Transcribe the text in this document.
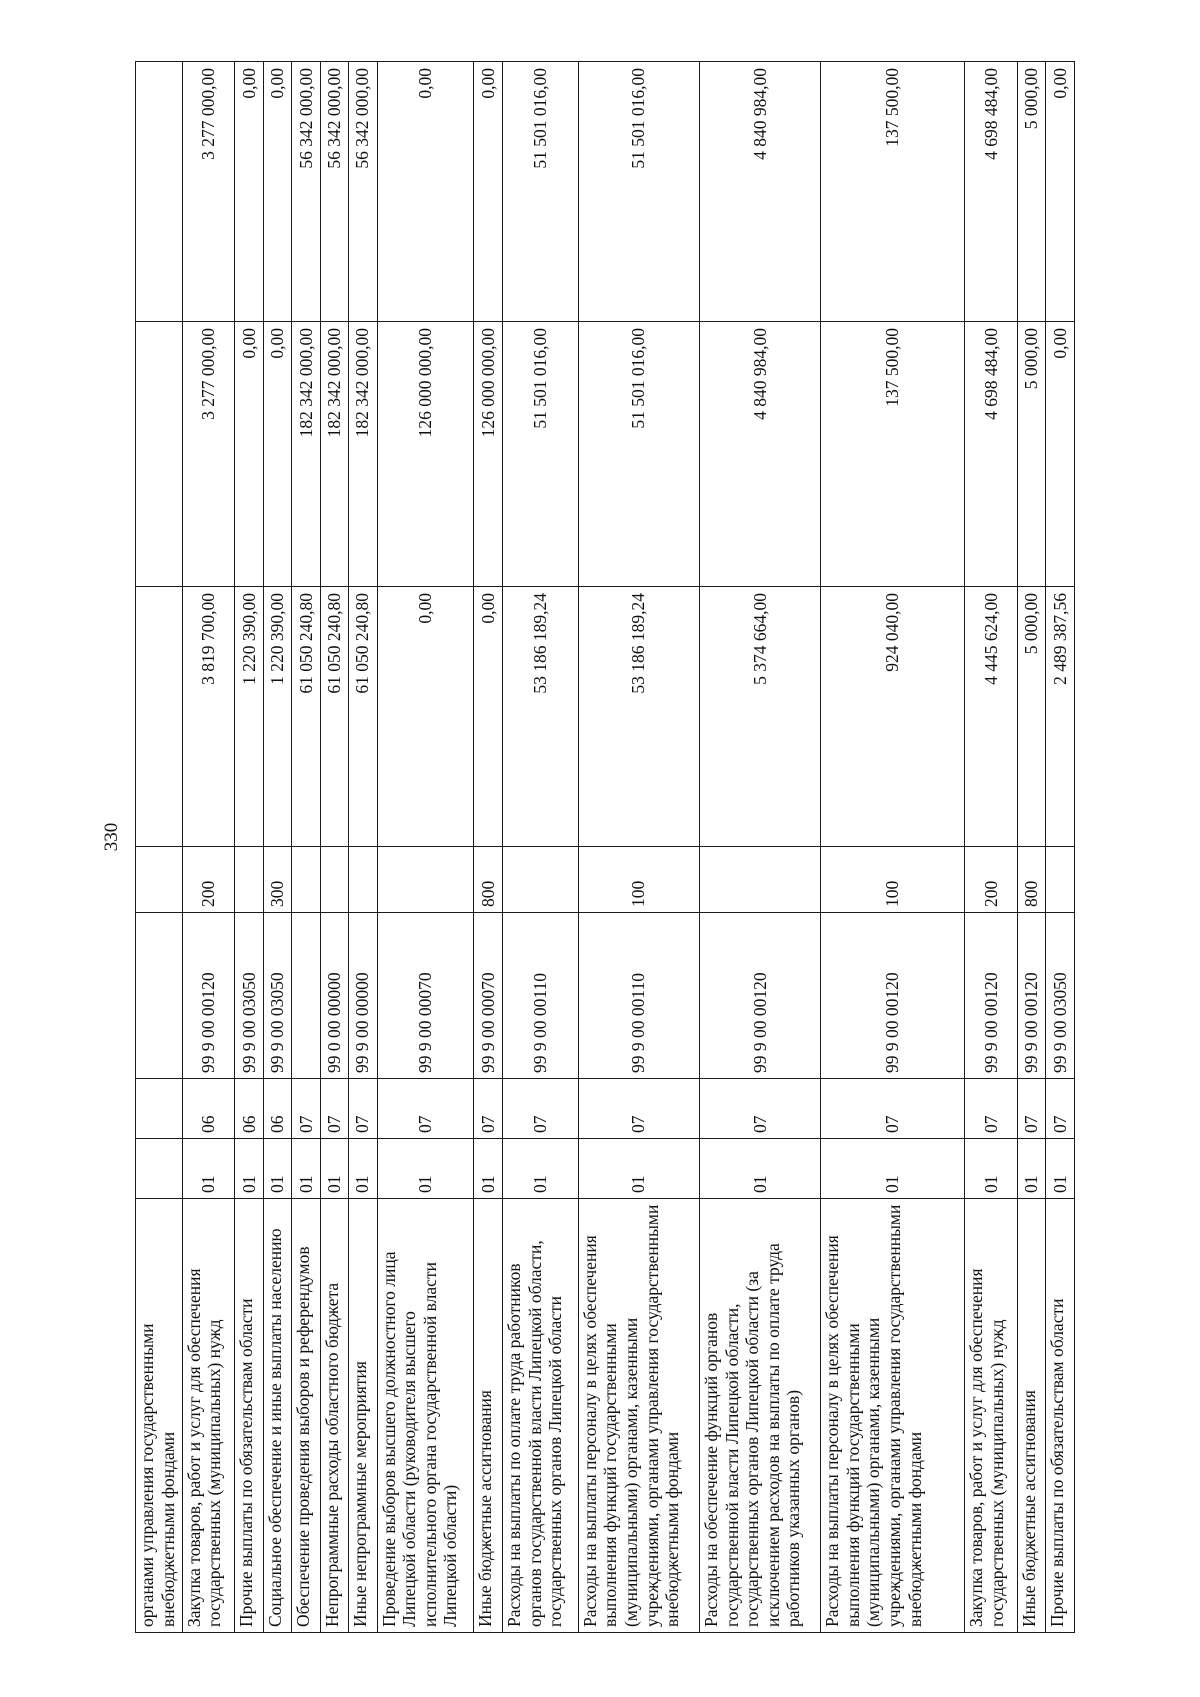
330
органами управления государственными внебюджетными фондами							
Закупка товаров, работ и услуг для обеспечения государственных (муниципальных) нужд	01	06	99 9 00 00120	200	3 819 700,00	3 277 000,00	3 277 000,00
Прочие выплаты по обязательствам области	01	06	99 9 00 03050		1 220 390,00	0,00	0,00
Социальное обеспечение и иные выплаты населению	01	06	99 9 00 03050	300	1 220 390,00	0,00	0,00
Обеспечение проведения выборов и референдумов	01	07			61 050 240,80	182 342 000,00	56 342 000,00
Непрограммные расходы областного бюджета	01	07	99 0 00 00000		61 050 240,80	182 342 000,00	56 342 000,00
Иные непрограммные мероприятия	01	07	99 9 00 00000		61 050 240,80	182 342 000,00	56 342 000,00
Проведение выборов высшего должностного лица Липецкой области (руководителя высшего исполнительного органа государственной власти Липецкой области)	01	07	99 9 00 00070		0,00	126 000 000,00	0,00
Иные бюджетные ассигнования	01	07	99 9 00 00070	800	0,00	126 000 000,00	0,00
Расходы на выплаты по оплате труда работников органов государственной власти Липецкой области, государственных органов Липецкой области	01	07	99 9 00 00110		53 186 189,24	51 501 016,00	51 501 016,00
Расходы на выплаты персоналу в целях обеспечения выполнения функций государственными (муниципальными) органами, казенными учреждениями, органами управления государственными внебюджетными фондами	01	07	99 9 00 00110	100	53 186 189,24	51 501 016,00	51 501 016,00
Расходы на обеспечение функций органов государственной власти Липецкой области, государственных органов Липецкой области (за исключением расходов на выплаты по оплате труда работников указанных органов)	01	07	99 9 00 00120		5 374 664,00	4 840 984,00	4 840 984,00
Расходы на выплаты персоналу в целях обеспечения выполнения функций государственными (муниципальными) органами, казенными учреждениями, органами управления государственными внебюджетными фондами	01	07	99 9 00 00120	100	924 040,00	137 500,00	137 500,00
Закупка товаров, работ и услуг для обеспечения государственных (муниципальных) нужд	01	07	99 9 00 00120	200	4 445 624,00	4 698 484,00	4 698 484,00
Иные бюджетные ассигнования	01	07	99 9 00 00120	800	5 000,00	5 000,00	5 000,00
Прочие выплаты по обязательствам области	01	07	99 9 00 03050		2 489 387,56	0,00	0,00
